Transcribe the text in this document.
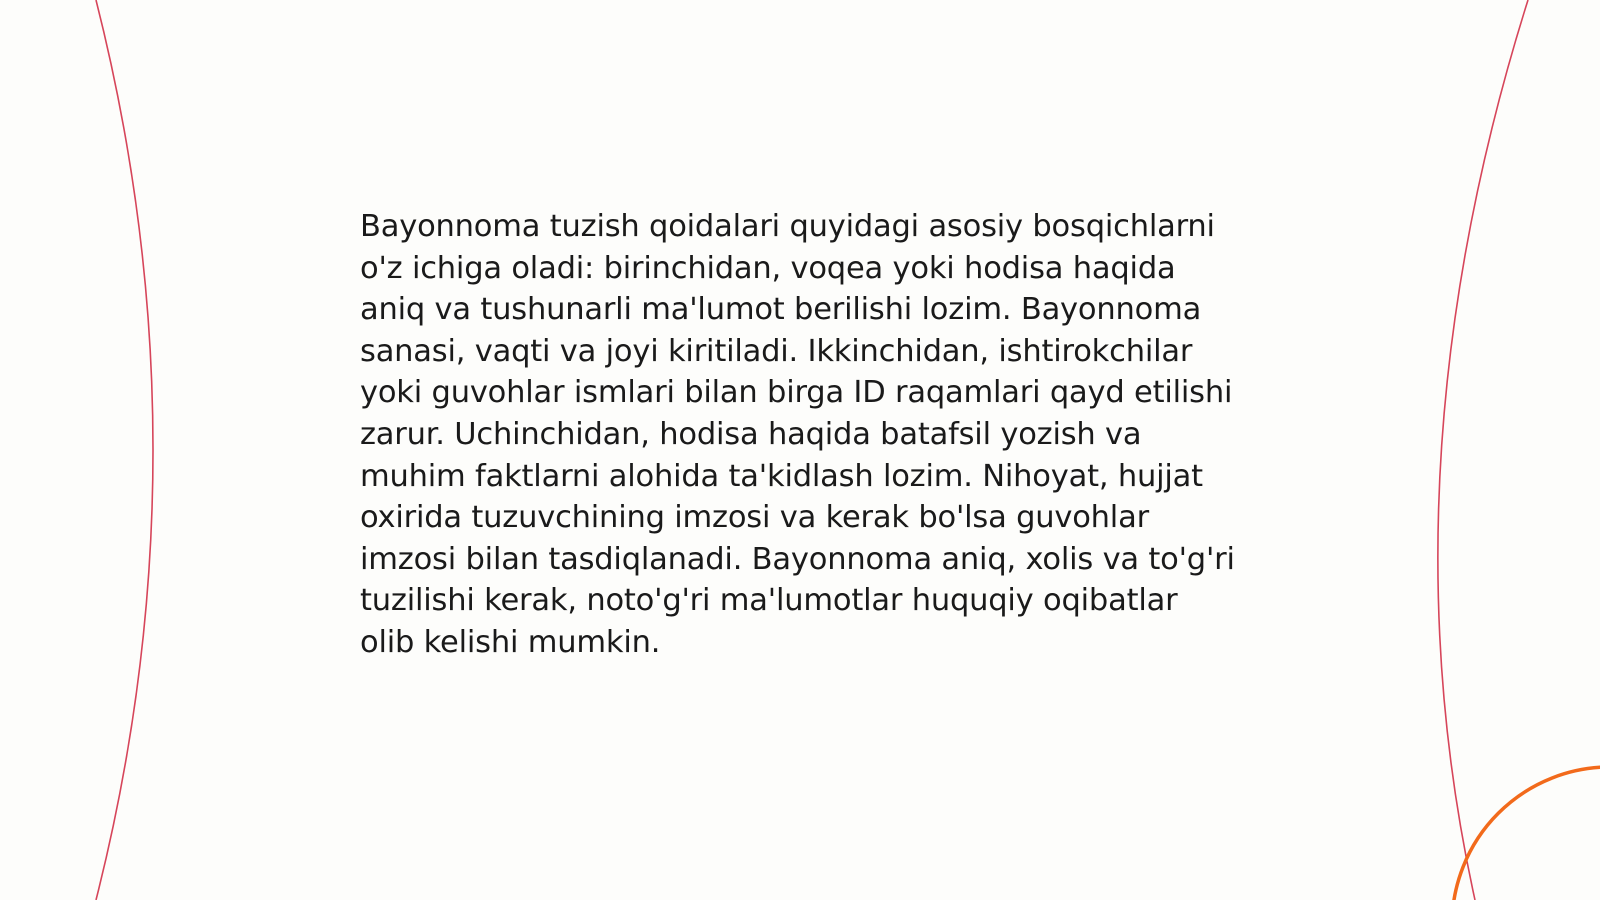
Bayonnoma tuzish qoidalari quyidagi asosiy bosqichlarni o'z ichiga oladi: birinchidan, voqea yoki hodisa haqida aniq va tushunarli ma'lumot berilishi lozim. Bayonnoma sanasi, vaqti va joyi kiritiladi. Ikkinchidan, ishtirokchilar yoki guvohlar ismlari bilan birga ID raqamlari qayd etilishi zarur. Uchinchidan, hodisa haqida batafsil yozish va muhim faktlarni alohida ta'kidlash lozim. Nihoyat, hujjat oxirida tuzuvchining imzosi va kerak bo'lsa guvohlar imzosi bilan tasdiqlanadi. Bayonnoma aniq, xolis va to'g'ri tuzilishi kerak, noto'g'ri ma'lumotlar huquqiy oqibatlar olib kelishi mumkin.
